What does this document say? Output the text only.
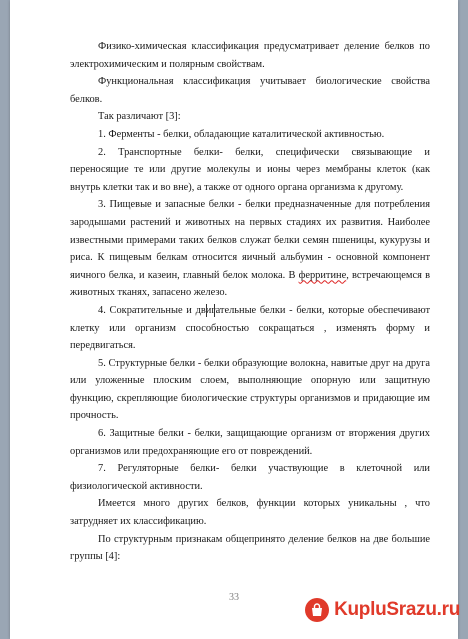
Физико-химическая классификация предусматривает деление белков по электрохимическим и полярным свойствам.

Функциональная классификация учитывает биологические свойства белков.

Так различают [3]:

1. Ферменты - белки, обладающие каталитической активностью.

2. Транспортные белки- белки, специфически связывающие и переносящие те или другие молекулы и ионы через мембраны клеток (как внутрь клетки так и во вне), а также от одного органа организма к другому.

3. Пищевые и запасные белки - белки предназначенные для потребления зародышами растений и животных на первых стадиях их развития. Наиболее известными примерами таких белков служат белки семян пшеницы, кукурузы и риса. К пищевым белкам относится яичный альбумин - основной компонент яичного белка, и казеин, главный белок молока. В ферритине, встречающемся в животных тканях, запасено железо.

4. Сократительные и двигательные белки - белки, которые обеспечивают клетку или организм способностью сокращаться , изменять форму и передвигаться.

5. Структурные белки - белки образующие волокна, навитые друг на друга или уложенные плоским слоем, выполняющие опорную или защитную функцию, скрепляющие биологические структуры организмов и придающие им прочность.

6. Защитные белки - белки, защищающие организм от вторжения других организмов или предохраняющие его от повреждений.

7. Регуляторные белки- белки участвующие в клеточной или физиологической активности.

Имеется много других белков, функции которых уникальны , что затрудняет их классификацию.

По структурным признакам общепринято деление белков на две большие группы [4]:

33
KupluSrazu.ru
